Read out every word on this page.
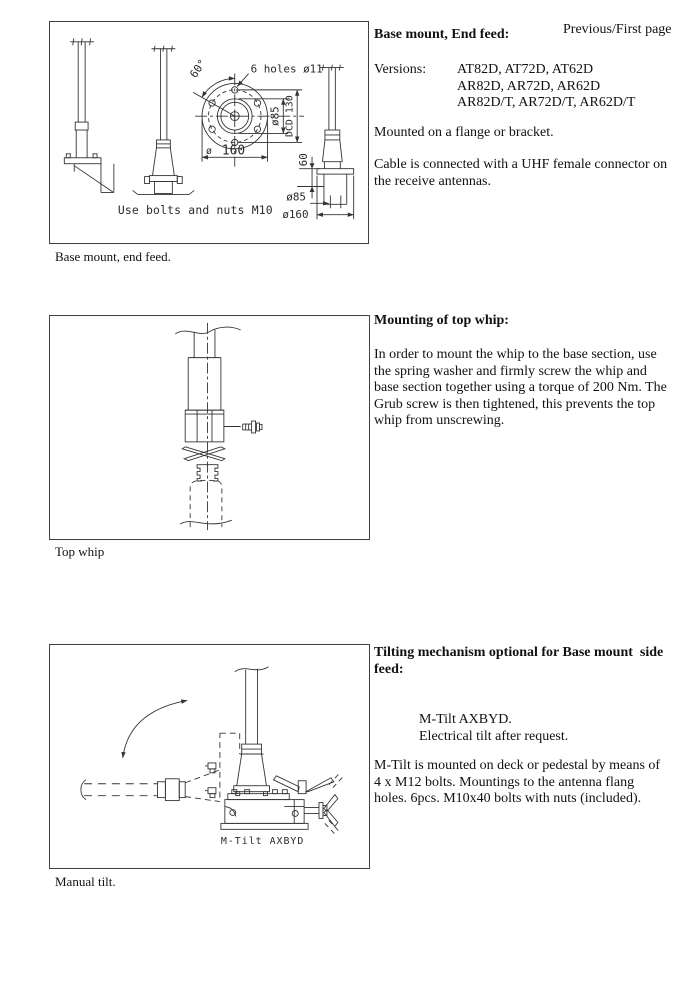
60°	6 holes ø11
ø85 DCD 130
ø 160
60
ø85
ø160
Use bolts and nuts M10
Previous/First page
Base mount, End feed:
Versions:	AT82D, AT72D, AT62D
AR82D, AR72D, AR62D
AR82D/T, AR72D/T, AR62D/T
Mounted on a flange or bracket.
Cable is connected with a UHF female connector on
the receive antennas.
Base mount, end feed.
Mounting of top whip:
In order to mount the whip to the base section, use
the spring washer and firmly screw the whip and
base section together using a torque of 200 Nm. The
Grub screw is then tightened, this prevents the top
whip from unscrewing.
Top whip
M-Tilt AXBYD
Tilting mechanism optional for Base mount  side
feed:
M-Tilt AXBYD.
Electrical tilt after request.
M-Tilt is mounted on deck or pedestal by means of
4 x M12 bolts. Mountings to the antenna flang
holes. 6pcs. M10x40 bolts with nuts (included).
Manual tilt.
